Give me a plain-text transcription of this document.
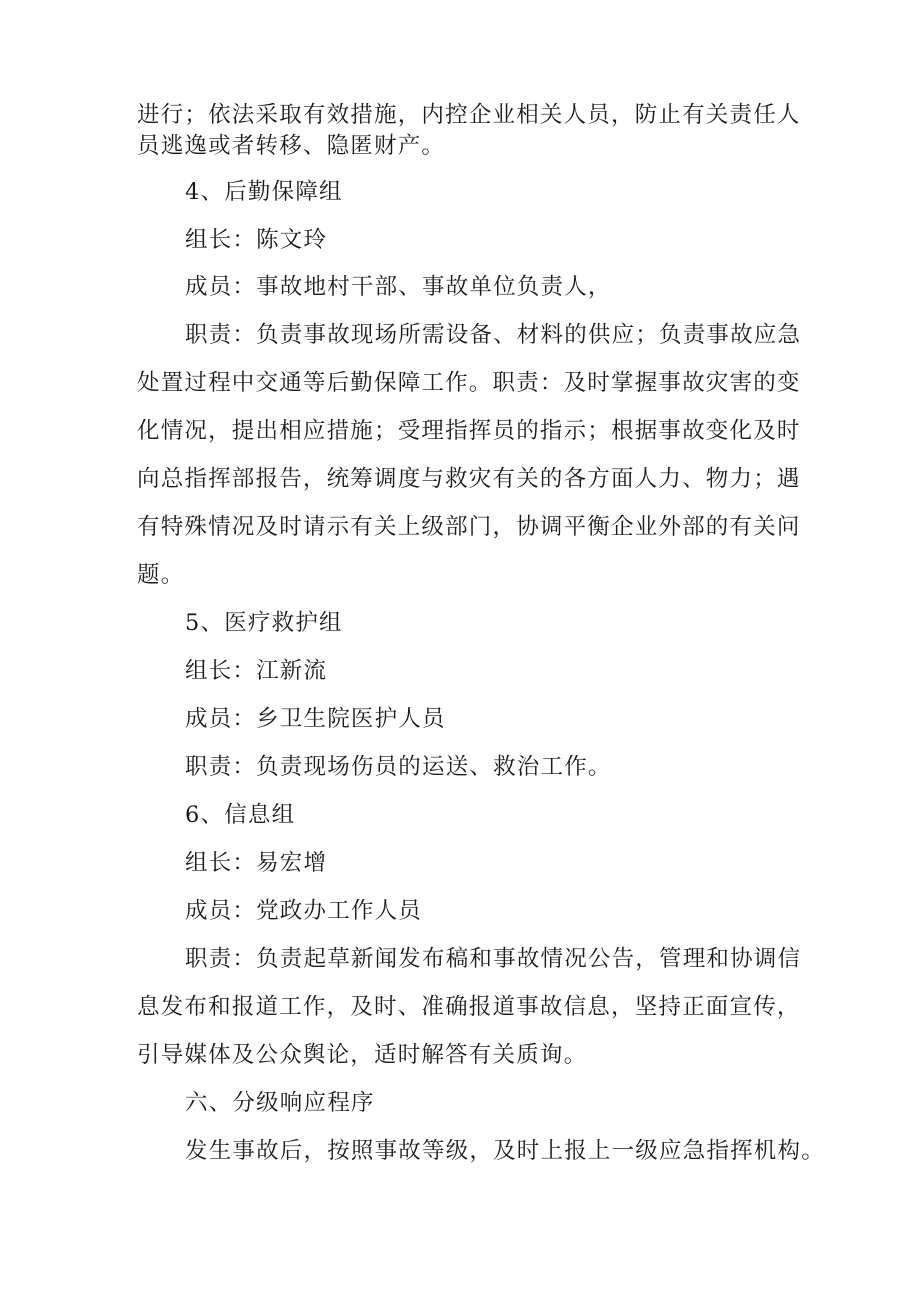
进行；依法采取有效措施，内控企业相关人员，防止有关责任人
员逃逸或者转移、隐匿财产。
4、后勤保障组
组长：陈文玲
成员：事故地村干部、事故单位负责人，
职责：负责事故现场所需设备、材料的供应；负责事故应急
处置过程中交通等后勤保障工作。职责：及时掌握事故灾害的变
化情况，提出相应措施；受理指挥员的指示；根据事故变化及时
向总指挥部报告，统筹调度与救灾有关的各方面人力、物力；遇
有特殊情况及时请示有关上级部门，协调平衡企业外部的有关问
题。
5、医疗救护组
组长：江新流
成员：乡卫生院医护人员
职责：负责现场伤员的运送、救治工作。
6、信息组
组长：易宏增
成员：党政办工作人员
职责：负责起草新闻发布稿和事故情况公告，管理和协调信
息发布和报道工作，及时、准确报道事故信息，坚持正面宣传，
引导媒体及公众舆论，适时解答有关质询。
六、分级响应程序
发生事故后，按照事故等级，及时上报上一级应急指挥机构。
